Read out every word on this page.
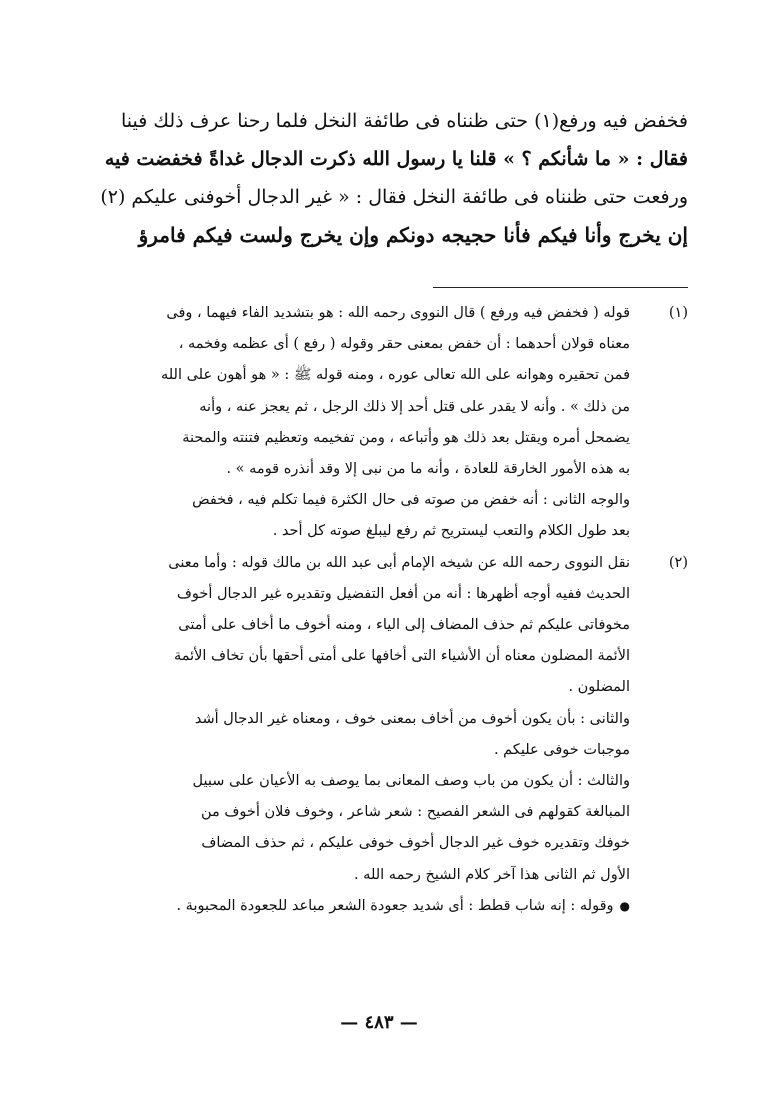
فخفض فيه ورفع(١) حتى ظنناه فى طائفة النخل فلما رحنا عرف ذلك فينا

فقال : « ما شأنكم ؟ » قلنا يا رسول الله ذكرت الدجال غداةً فخفضت فيه

ورفعت حتى ظنناه فى طائفة النخل فقال : « غير الدجال أخوفنى عليكم (٢)

إن يخرج وأنا فيكم فأنا حجيجه دونكم وإن يخرج ولست فيكم فامرؤ

(١)

قوله ( فخفض فيه ورفع ) قال النووى رحمه الله : هو بتشديد الفاء فيهما ، وفى

معناه قولان أحدهما : أن خفض بمعنى حقر وقوله ( رفع ) أى عظمه وفخمه ،

فمن تحقيره وهوانه على الله تعالى عوره ، ومنه قوله ﷺ : « هو أهون على الله

من ذلك » . وأنه لا يقدر على قتل أحد إلا ذلك الرجل ، ثم يعجز عنه ، وأنه

يضمحل أمره ويقتل بعد ذلك هو وأتباعه ، ومن تفخيمه وتعظيم فتنته والمحنة

به هذه الأمور الخارقة للعادة ، وأنه ما من نبى إلا وقد أنذره قومه » .

والوجه الثانى : أنه خفض من صوته فى حال الكثرة فيما تكلم فيه ، فخفض

بعد طول الكلام والتعب ليستريح ثم رفع ليبلغ صوته كل أحد .

(٢)

نقل النووى رحمه الله عن شيخه الإمام أبى عبد الله بن مالك قوله : وأما معنى

الحديث ففيه أوجه أظهرها : أنه من أفعل التفضيل وتقديره غير الدجال أخوف

مخوفاتى عليكم ثم حذف المضاف إلى الياء ، ومنه أخوف ما أخاف على أمتى

الأئمة المضلون معناه أن الأشياء التى أخافها على أمتى أحقها بأن تخاف الأئمة

المضلون .

والثانى : بأن يكون أخوف من أخاف بمعنى خوف ، ومعناه غير الدجال أشد

موجبات خوفى عليكم .

والثالث : أن يكون من باب وصف المعانى بما يوصف به الأعيان على سبيل

المبالغة كقولهم فى الشعر الفصيح : شعر شاعر ، وخوف فلان أخوف من

خوفك وتقديره خوف غير الدجال أخوف خوفى عليكم ، ثم حذف المضاف

الأول ثم الثانى هذا آخر كلام الشيخ رحمه الله .

● وقوله : إنه شاب قطط : أى شديد جعودة الشعر مباعد للجعودة المحبوبة .

— ٤٨٣ —
